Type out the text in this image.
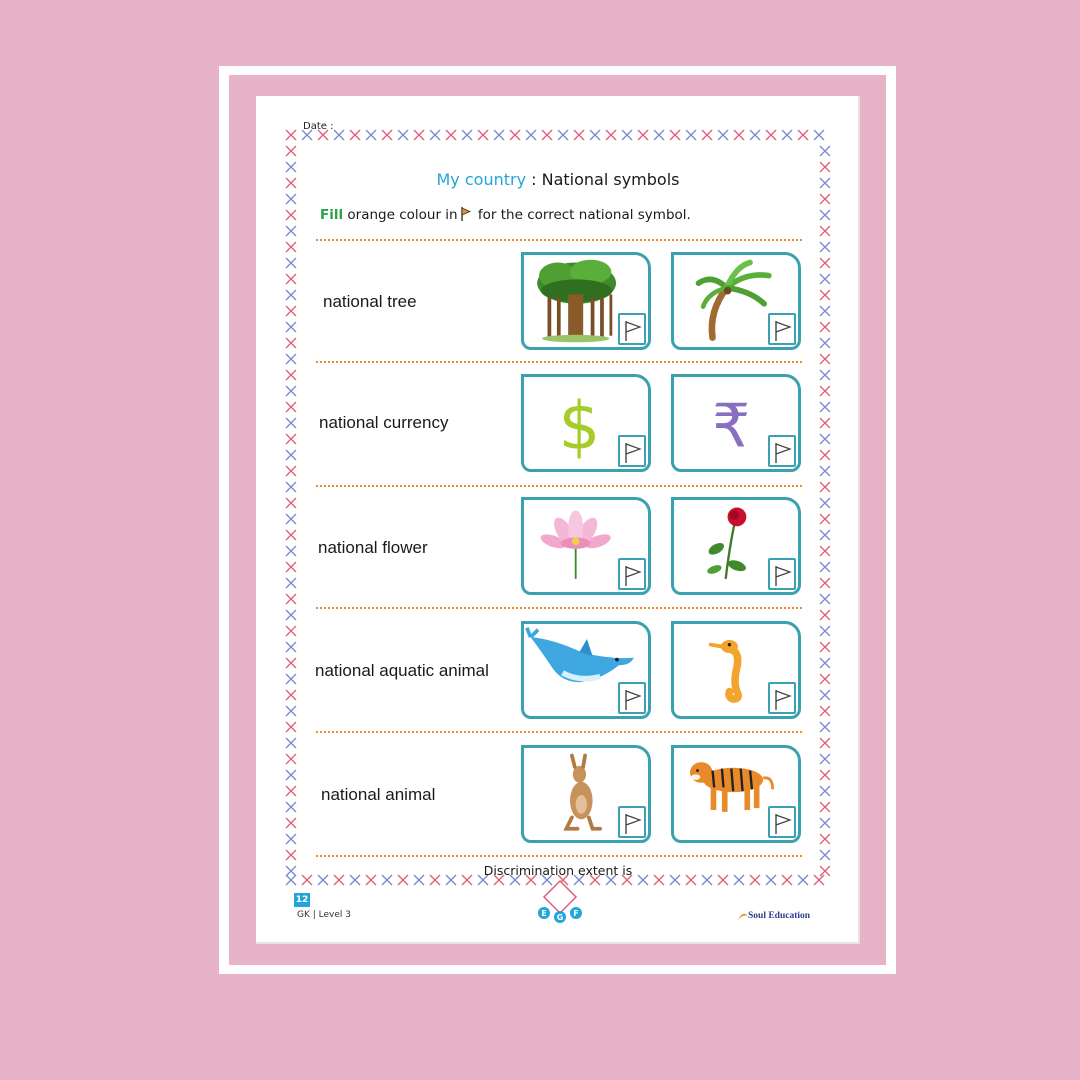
Date :
My country : National symbols
Fill orange colour in for the correct national symbol.
national tree
national currency $ ₹
national flower
national aquatic animal
national animal
Discrimination extent is
12
GK | Level 3	E G F	Soul Education
